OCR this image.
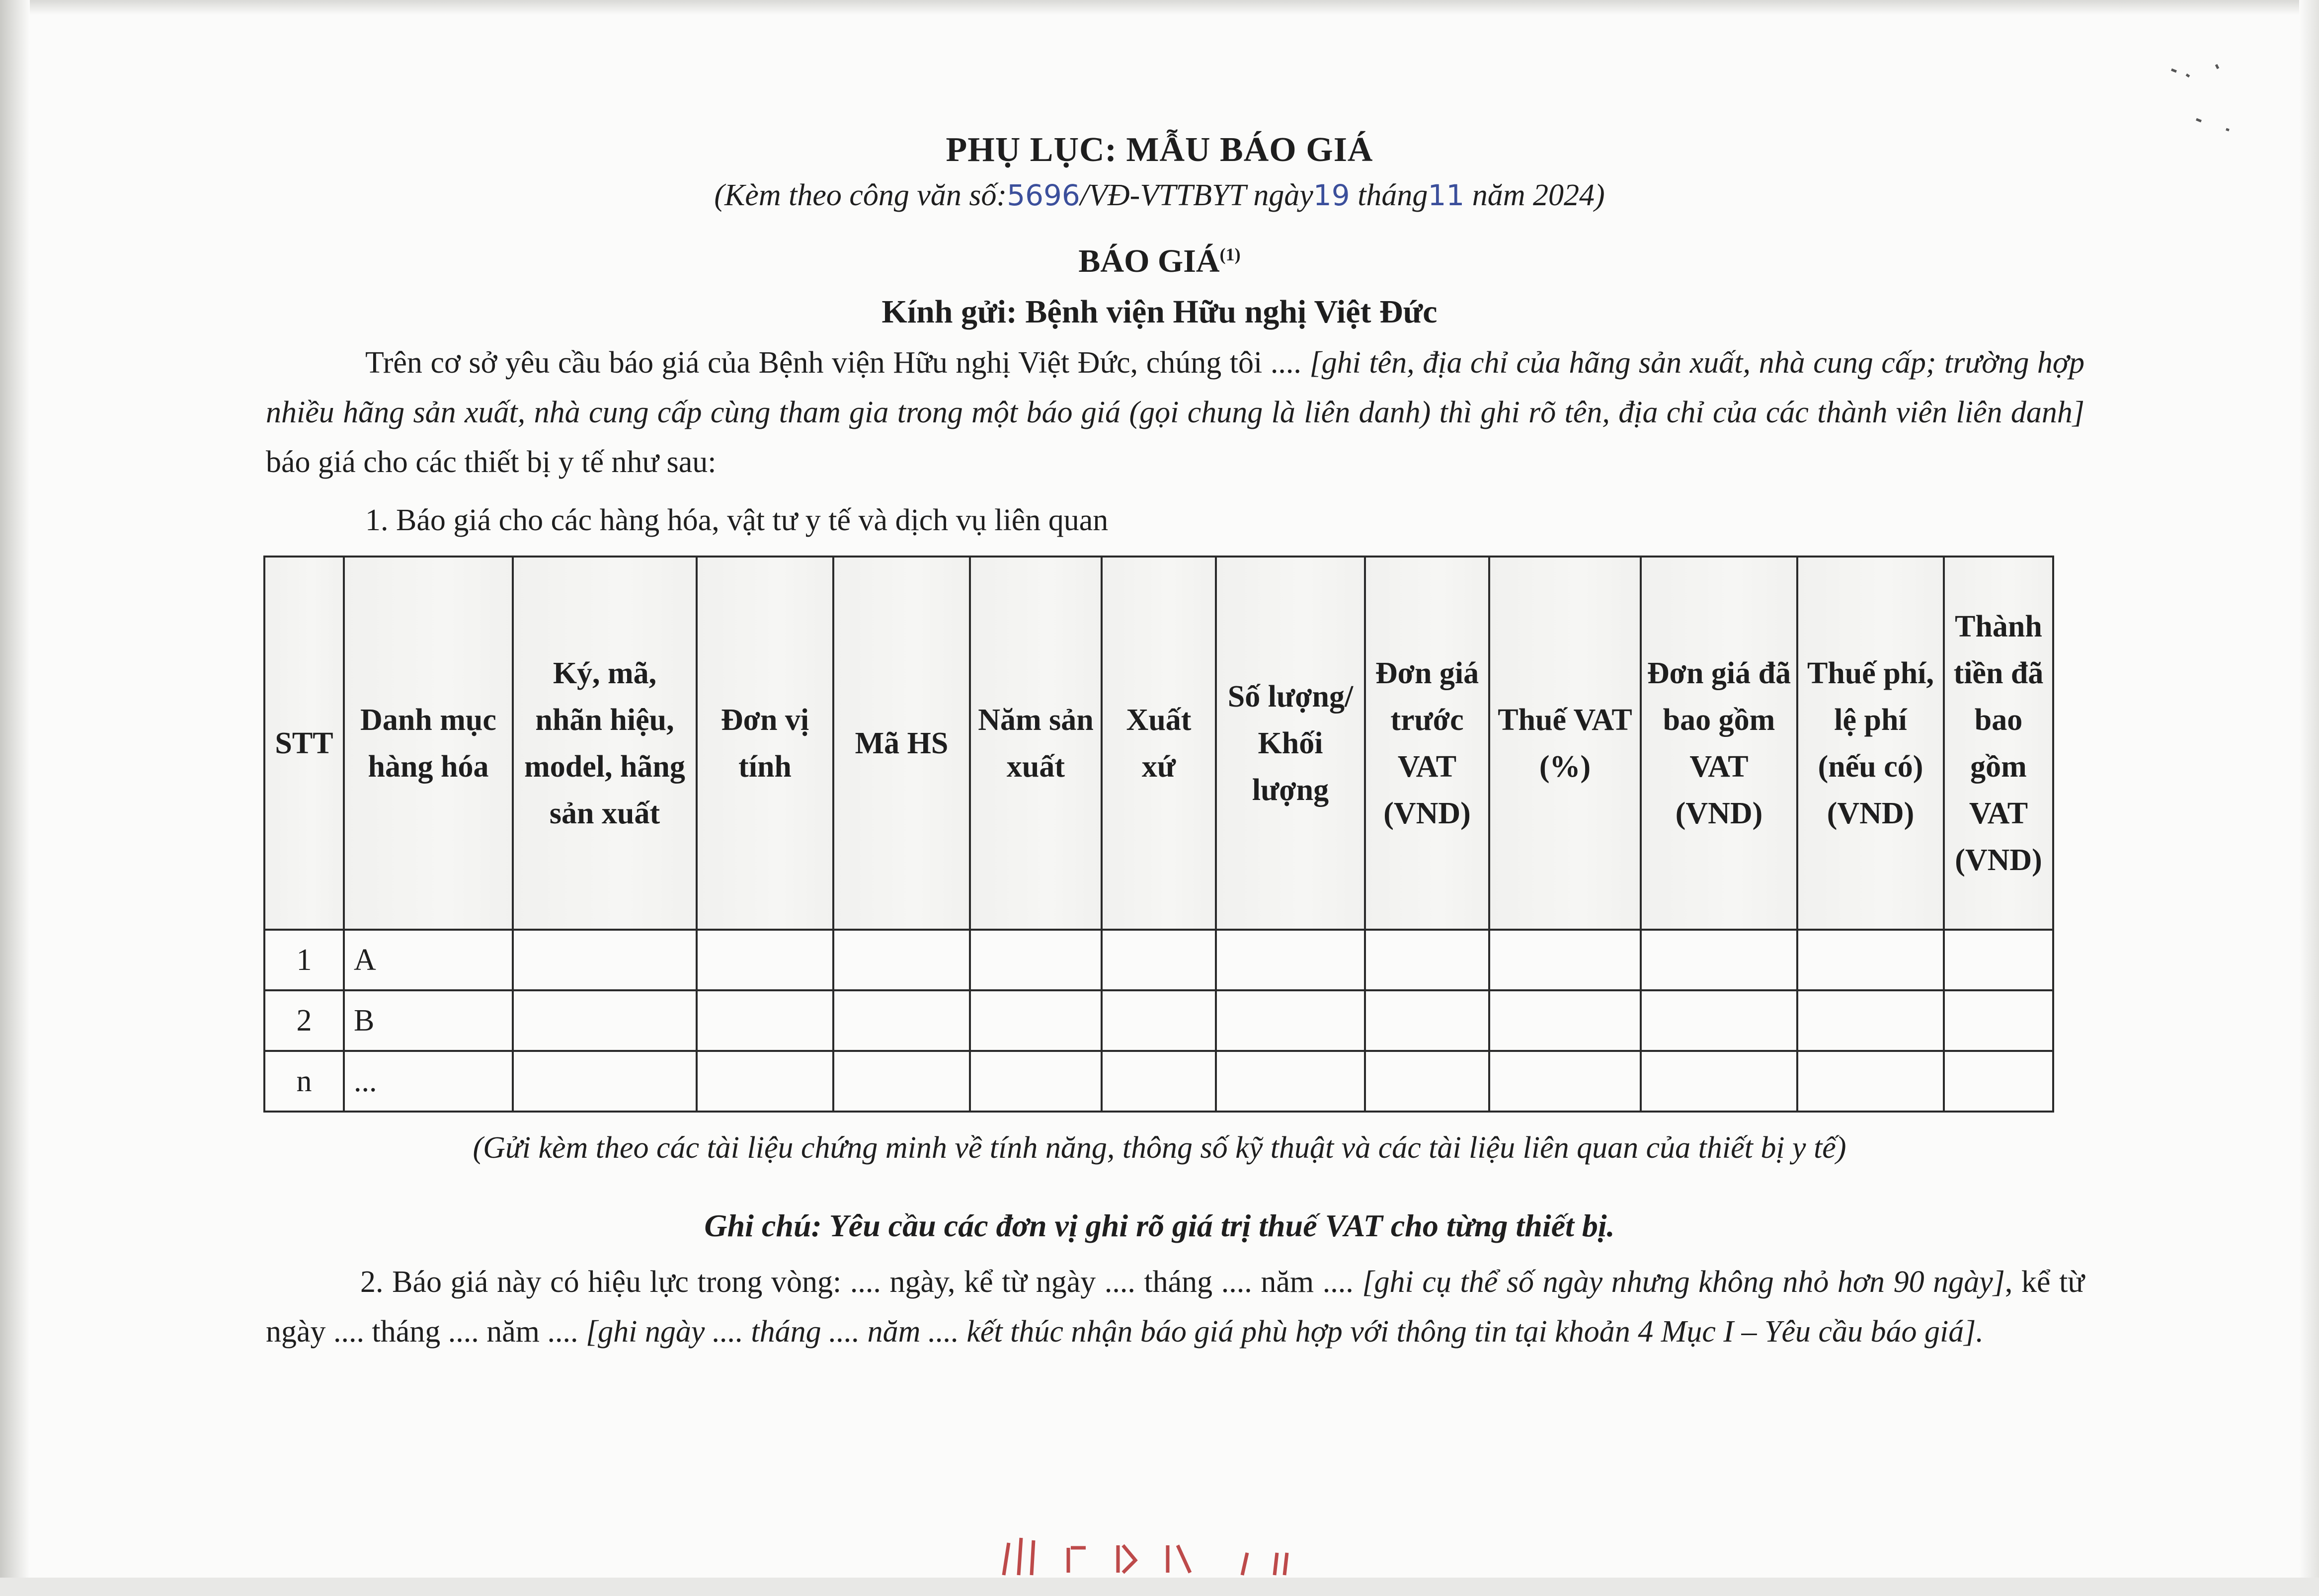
PHỤ LỤC: MẪU BÁO GIÁ
(Kèm theo công văn số:5696/VĐ-VTTBYT ngày19 tháng11 năm 2024)
BÁO GIÁ$^{(1)}$
Kính gửi: Bệnh viện Hữu nghị Việt Đức
Trên cơ sở yêu cầu báo giá của Bệnh viện Hữu nghị Việt Đức, chúng tôi .... [ghi tên, địa chỉ của hãng sản xuất, nhà cung cấp; trường hợp nhiều hãng sản xuất, nhà cung cấp cùng tham gia trong một báo giá (gọi chung là liên danh) thì ghi rõ tên, địa chỉ của các thành viên liên danh] báo giá cho các thiết bị y tế như sau:
1. Báo giá cho các hàng hóa, vật tư y tế và dịch vụ liên quan
STT	Danh mục hàng hóa	Ký, mã, nhãn hiệu, model, hãng sản xuất	Đơn vị tính	Mã HS	Năm sản xuất	Xuất xứ	Số lượng/ Khối lượng	Đơn giá trước VAT (VND)	Thuế VAT (%)	Đơn giá đã bao gồm VAT (VND)	Thuế phí, lệ phí (nếu có) (VND)	Thành tiền đã bao gồm VAT (VND)
1	A											
2	B											
n	...											
(Gửi kèm theo các tài liệu chứng minh về tính năng, thông số kỹ thuật và các tài liệu liên quan của thiết bị y tế)
Ghi chú: Yêu cầu các đơn vị ghi rõ giá trị thuế VAT cho từng thiết bị.
2. Báo giá này có hiệu lực trong vòng: .... ngày, kể từ ngày .... tháng .... năm .... [ghi cụ thể số ngày nhưng không nhỏ hơn 90 ngày], kể từ ngày .... tháng .... năm .... [ghi ngày .... tháng .... năm .... kết thúc nhận báo giá phù hợp với thông tin tại khoản 4 Mục I – Yêu cầu báo giá].
